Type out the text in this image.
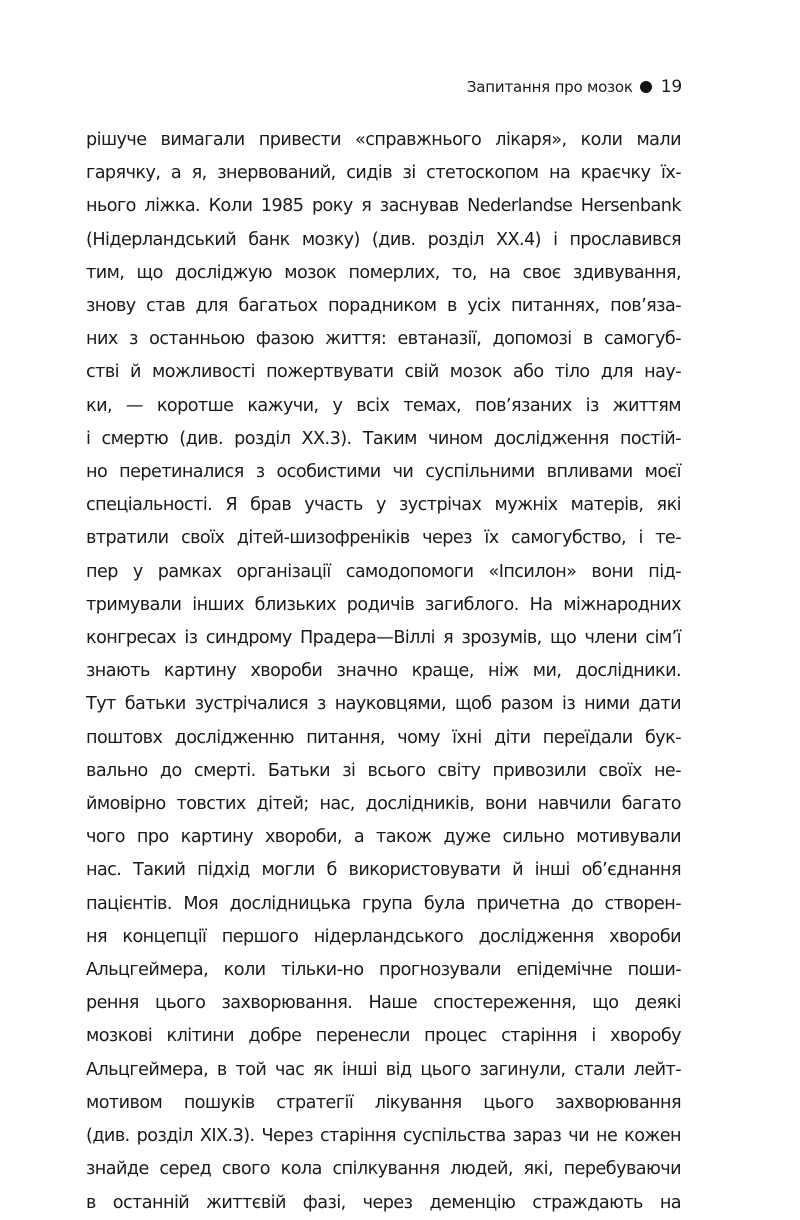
Запитання про мозок 19
рішуче вимагали привести «справжнього лікаря», коли мали
гарячку, а я, знервований, сидів зі стетоскопом на краєчку їх-
нього ліжка. Коли 1985 року я заснував Nederlandse Hersenbank
(Нідерландський банк мозку) (див. розділ XX.4) і прославився
тим, що досліджую мозок померлих, то, на своє здивування,
знову став для багатьох порадником в усіх питаннях, пов’яза-
них з останньою фазою життя: евтаназії, допомозі в самогуб-
стві й можливості пожертвувати свій мозок або тіло для нау-
ки, — коротше кажучи, у всіх темах, пов’язаних із життям
і смертю (див. розділ XX.3). Таким чином дослідження постій-
но перетиналися з особистими чи суспільними впливами моєї
спеціальності. Я брав участь у зустрічах мужніх матерів, які
втратили своїх дітей-шизофреніків через їх самогубство, і те-
пер у рамках організації самодопомоги «Іпсилон» вони під-
тримували інших близьких родичів загиблого. На міжнародних
конгресах із синдрому Прадера—Віллі я зрозумів, що члени сім’ї
знають картину хвороби значно краще, ніж ми, дослідники.
Тут батьки зустрічалися з науковцями, щоб разом із ними дати
поштовх дослідженню питання, чому їхні діти переїдали бук-
вально до смерті. Батьки зі всього світу привозили своїх не-
ймовірно товстих дітей; нас, дослідників, вони навчили багато
чого про картину хвороби, а також дуже сильно мотивували
нас. Такий підхід могли б використовувати й інші об’єднання
пацієнтів. Моя дослідницька група була причетна до створен-
ня концепції першого нідерландського дослідження хвороби
Альцгеймера, коли тільки-но прогнозували епідемічне поши-
рення цього захворювання. Наше спостереження, що деякі
мозкові клітини добре перенесли процес старіння і хворобу
Альцгеймера, в той час як інші від цього загинули, стали лейт-
мотивом пошуків стратегії лікування цього захворювання
(див. розділ XIX.3). Через старіння суспільства зараз чи не кожен
знайде серед свого кола спілкування людей, які, перебуваючи
в останній життєвій фазі, через деменцію страждають на
